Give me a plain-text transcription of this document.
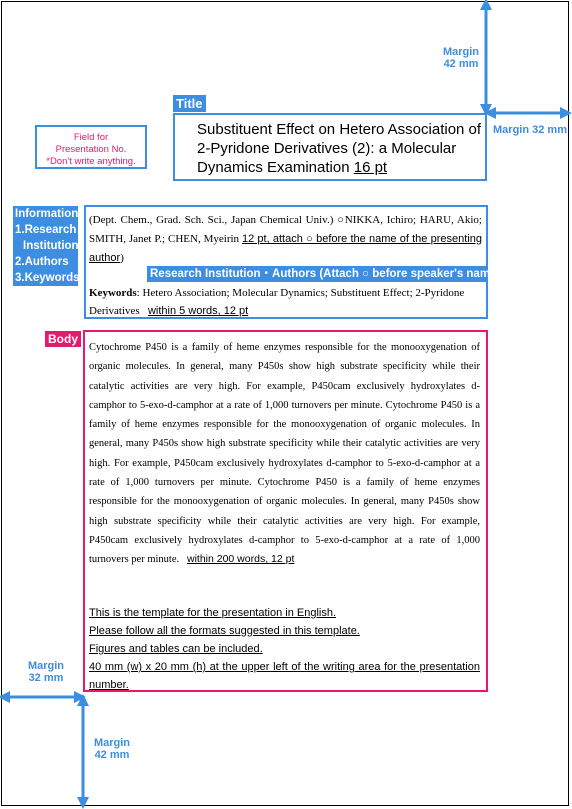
Margin
42 mm
Margin 32 mm
Margin
32 mm
Margin
42 mm
Title
Field for
Presentation No.
*Don't write anything.
Substituent Effect on Hetero Association of 2-Pyridone Derivatives (2): a Molecular Dynamics Examination 16 pt
Information
1.Research
Institution
2.Authors
3.Keywords
(Dept. Chem., Grad. Sch. Sci., Japan Chemical Univ.) ○NIKKA, Ichiro; HARU, Akio; SMITH, Janet P.; CHEN, Myeirin 12 pt, attach ○ before the name of the presenting author)
Research Institution・Authors (Attach ○ before speaker's name)
Keywords: Hetero Association; Molecular Dynamics; Substituent Effect; 2-Pyridone Derivatives within 5 words, 12 pt
Body
Cytochrome P450 is a family of heme enzymes responsible for the monooxygenation of organic molecules. In general, many P450s show high substrate specificity while their catalytic activities are very high. For example, P450cam exclusively hydroxylates d-camphor to 5-exo-d-camphor at a rate of 1,000 turnovers per minute. Cytochrome P450 is a family of heme enzymes responsible for the monooxygenation of organic molecules. In general, many P450s show high substrate specificity while their catalytic activities are very high. For example, P450cam exclusively hydroxylates d-camphor to 5-exo-d-camphor at a rate of 1,000 turnovers per minute. Cytochrome P450 is a family of heme enzymes responsible for the monooxygenation of organic molecules. In general, many P450s show high substrate specificity while their catalytic activities are very high. For example, P450cam exclusively hydroxylates d-camphor to 5-exo-d-camphor at a rate of 1,000 turnovers per minute. within 200 words, 12 pt
This is the template for the presentation in English.
Please follow all the formats suggested in this template.
Figures and tables can be included.
40 mm (w) x 20 mm (h) at the upper left of the writing area for the presentation number.
